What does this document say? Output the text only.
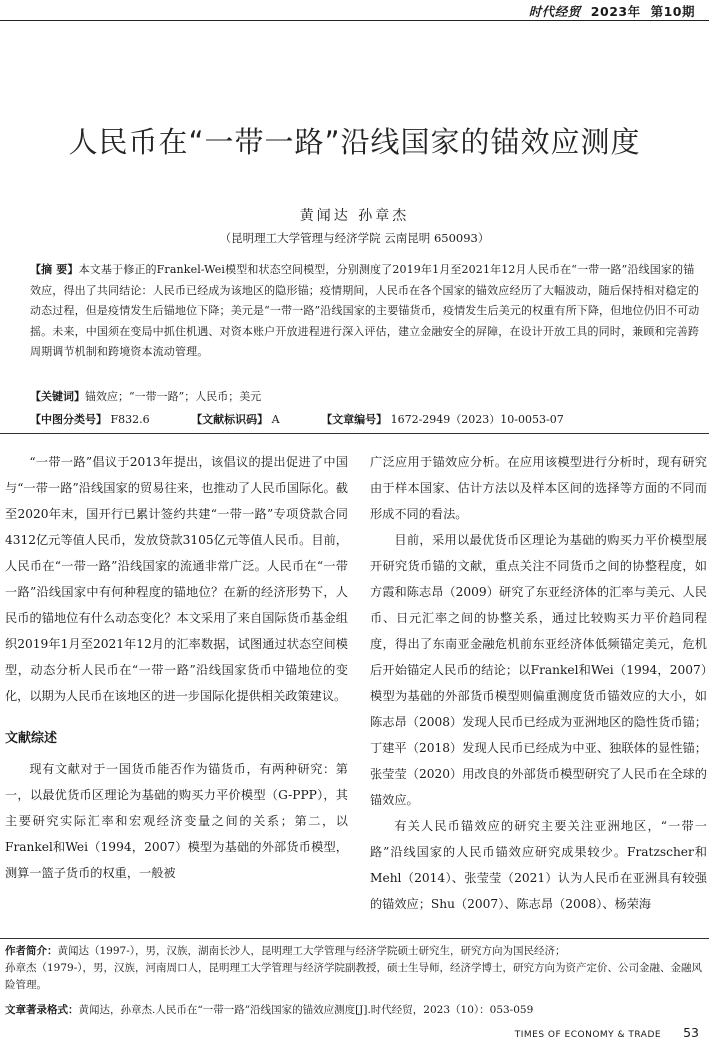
时代经贸 2023年 第10期
人民币在“一带一路”沿线国家的锚效应测度
黄闻达 孙章杰
（昆明理工大学管理与经济学院 云南昆明 650093）
【摘 要】本文基于修正的Frankel-Wei模型和状态空间模型，分别测度了2019年1月至2021年12月人民币在“一带一路”沿线国家的锚效应，得出了共同结论：人民币已经成为该地区的隐形锚；疫情期间，人民币在各个国家的锚效应经历了大幅波动，随后保持相对稳定的动态过程，但是疫情发生后锚地位下降；美元是“一带一路”沿线国家的主要锚货币，疫情发生后美元的权重有所下降，但地位仍旧不可动摇。未来，中国须在变局中抓住机遇、对资本账户开放进程进行深入评估，建立金融安全的屏障，在设计开放工具的同时，兼顾和完善跨周期调节机制和跨境资本流动管理。
【关键词】锚效应；“一带一路”；人民币；美元
【中图分类号】 F832.6	【文献标识码】 A	【文章编号】 1672-2949（2023）10-0053-07

“一带一路”倡议于2013年提出，该倡议的提出促进了中国与“一带一路”沿线国家的贸易往来，也推动了人民币国际化。截至2020年末，国开行已累计签约共建“一带一路”专项贷款合同4312亿元等值人民币，发放贷款3105亿元等值人民币。目前，人民币在“一带一路”沿线国家的流通非常广泛。人民币在“一带一路”沿线国家中有何种程度的锚地位？在新的经济形势下，人民币的锚地位有什么动态变化？本文采用了来自国际货币基金组织2019年1月至2021年12月的汇率数据，试图通过状态空间模型，动态分析人民币在“一带一路”沿线国家货币中锚地位的变化，以期为人民币在该地区的进一步国际化提供相关政策建议。

文献综述

现有文献对于一国货币能否作为锚货币，有两种研究：第一，以最优货币区理论为基础的购买力平价模型（G-PPP），其主要研究实际汇率和宏观经济变量之间的关系；第二，以Frankel和Wei（1994，2007）模型为基础的外部货币模型，测算一篮子货币的权重，一般被

广泛应用于锚效应分析。在应用该模型进行分析时，现有研究由于样本国家、估计方法以及样本区间的选择等方面的不同而形成不同的看法。

目前，采用以最优货币区理论为基础的购买力平价模型展开研究货币锚的文献，重点关注不同货币之间的协整程度，如方霞和陈志昂（2009）研究了东亚经济体的汇率与美元、人民币、日元汇率之间的协整关系，通过比较购买力平价趋同程度，得出了东南亚金融危机前东亚经济体低频锚定美元，危机后开始锚定人民币的结论；以Frankel和Wei（1994，2007）模型为基础的外部货币模型则偏重测度货币锚效应的大小，如陈志昂（2008）发现人民币已经成为亚洲地区的隐性货币锚；丁建平（2018）发现人民币已经成为中亚、独联体的显性锚；张莹莹（2020）用改良的外部货币模型研究了人民币在全球的锚效应。

有关人民币锚效应的研究主要关注亚洲地区，“一带一路”沿线国家的人民币锚效应研究成果较少。Fratzscher和Mehl（2014）、张莹莹（2021）认为人民币在亚洲具有较强的锚效应；Shu（2007）、陈志昂（2008）、杨荣海

作者简介：黄闻达（1997-），男，汉族，湖南长沙人，昆明理工大学管理与经济学院硕士研究生，研究方向为国民经济；

孙章杰（1979-），男，汉族，河南周口人，昆明理工大学管理与经济学院副教授，硕士生导师，经济学博士，研究方向为资产定价、公司金融、金融风险管理。

文章著录格式：黄闻达，孙章杰.人民币在“一带一路”沿线国家的锚效应测度[J].时代经贸，2023（10）：053-059
TIMES OF ECONOMY & TRADE 53
